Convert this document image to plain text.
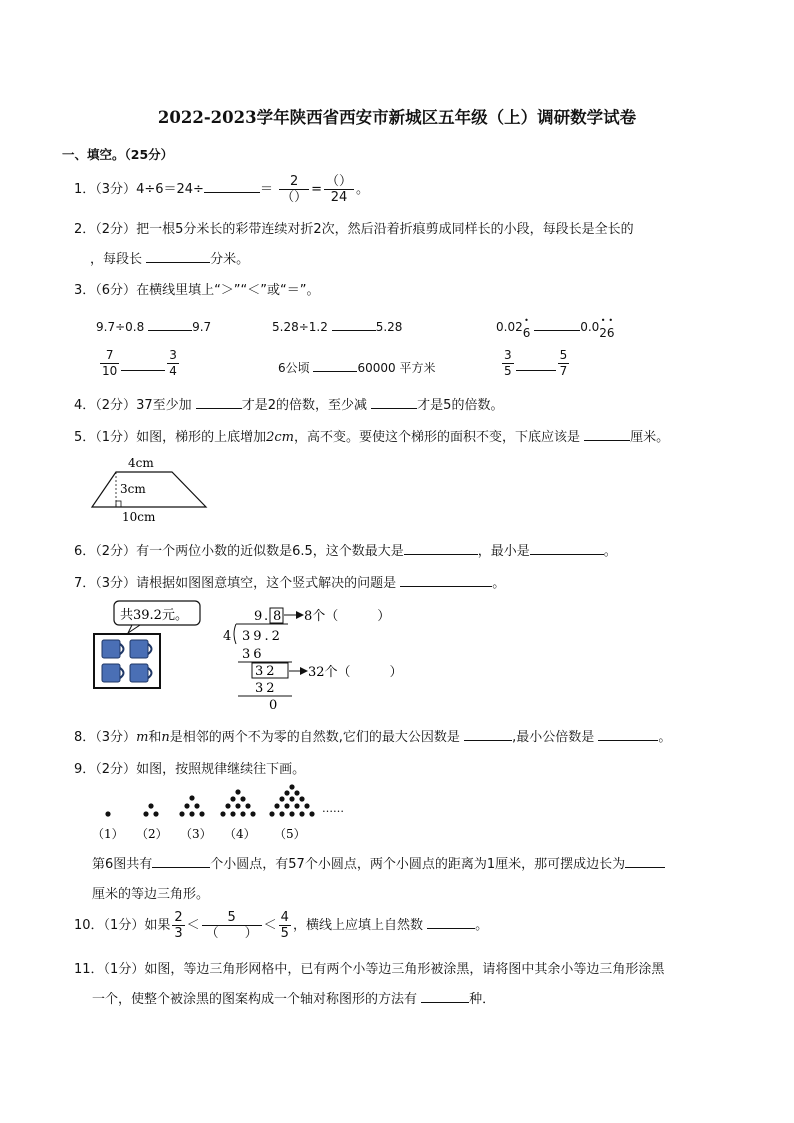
2022-2023学年陕西省西安市新城区五年级（上）调研数学试卷
一、填空。（25分）
1．（3分）4÷6＝24÷	＝ $\frac{2}{()} = \frac{()}{24}$ 。
2．（2分）把一根5分米长的彩带连续对折2次，然后沿着折痕剪成同样长的小段，每段长是全长的
，每段长	分米。
3．（6分）在横线里填上“＞”“＜”或“＝”。
9.7÷0.8	9.7	5.28÷1.2	5.28	0.02• 6	0.0• 2• 6
$\frac{7}{10}$	$\frac{3}{4}$	6公顷	60000 平方米	$\frac{3}{5}$	$\frac{5}{7}$
4．（2分）37至少加	才是2的倍数，至少减	才是5的倍数。
5．（1分）如图，梯形的上底增加2cm，高不变。要使这个梯形的面积不变，下底应该是	厘米。
4cm
3cm
10cm
6．（2分）有一个两位小数的近似数是6.5，这个数最大是	，最小是	。
7．（3分）请根据如图图意填空，这个竖式解决的问题是	。
共39.2元。	9 . 8 8个（　　　）
4 39.2
36
32 32个（　　　）
32
0
8．（3分）m和n是相邻的两个不为零的自然数,它们的最大公因数是	,最小公倍数是	。
9．（2分）如图，按照规律继续往下画。
……
（1） （2） （3） （4） （5）
第6图共有	个小圆点，有57个小圆点，两个小圆点的距离为1厘米，那可摆成边长为
厘米的等边三角形。
10．（1分）如果 $\frac{2}{3} < \frac{5}{( )} < \frac{4}{5}$ ，横线上应填上自然数	。
11．（1分）如图，等边三角形网格中，已有两个小等边三角形被涂黑，请将图中其余小等边三角形涂黑
一个，使整个被涂黑的图案构成一个轴对称图形的方法有	种．
